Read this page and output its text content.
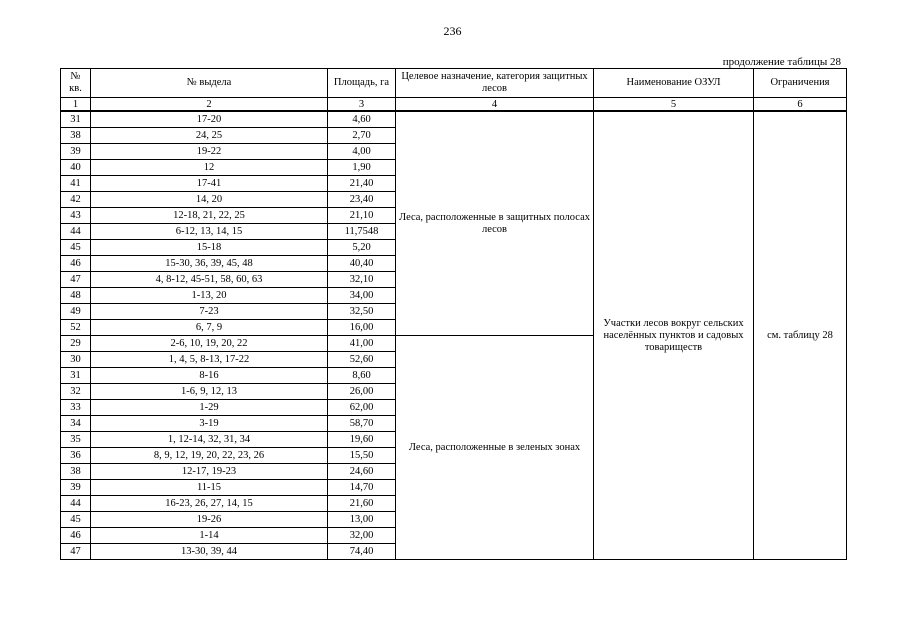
236
продолжение таблицы 28
№ кв.	№ выдела	Площадь, га	Целевое назначение, категория защитных лесов	Наименование ОЗУЛ	Ограничения
1	2	3	4	5	6
31	17-20	4,60	Леса, расположенные в защитных полосах лесов	Участки лесов вокруг сельских населённых пунктов и садовых товариществ	см. таблицу 28
38	24, 25	2,70			
39	19-22	4,00			
40	12	1,90			
41	17-41	21,40			
42	14, 20	23,40			
43	12-18, 21, 22, 25	21,10			
44	6-12, 13, 14, 15	11,7548			
45	15-18	5,20			
46	15-30, 36, 39, 45, 48	40,40			
47	4, 8-12, 45-51, 58, 60, 63	32,10			
48	1-13, 20	34,00			
49	7-23	32,50			
52	6, 7, 9	16,00			
29	2-6, 10, 19, 20, 22	41,00	Леса, расположенные в зеленых зонах		
30	1, 4, 5, 8-13, 17-22	52,60			
31	8-16	8,60			
32	1-6, 9, 12, 13	26,00			
33	1-29	62,00			
34	3-19	58,70			
35	1, 12-14, 32, 31, 34	19,60			
36	8, 9, 12, 19, 20, 22, 23, 26	15,50			
38	12-17, 19-23	24,60			
39	11-15	14,70			
44	16-23, 26, 27, 14, 15	21,60			
45	19-26	13,00			
46	1-14	32,00			
47	13-30, 39, 44	74,40			
